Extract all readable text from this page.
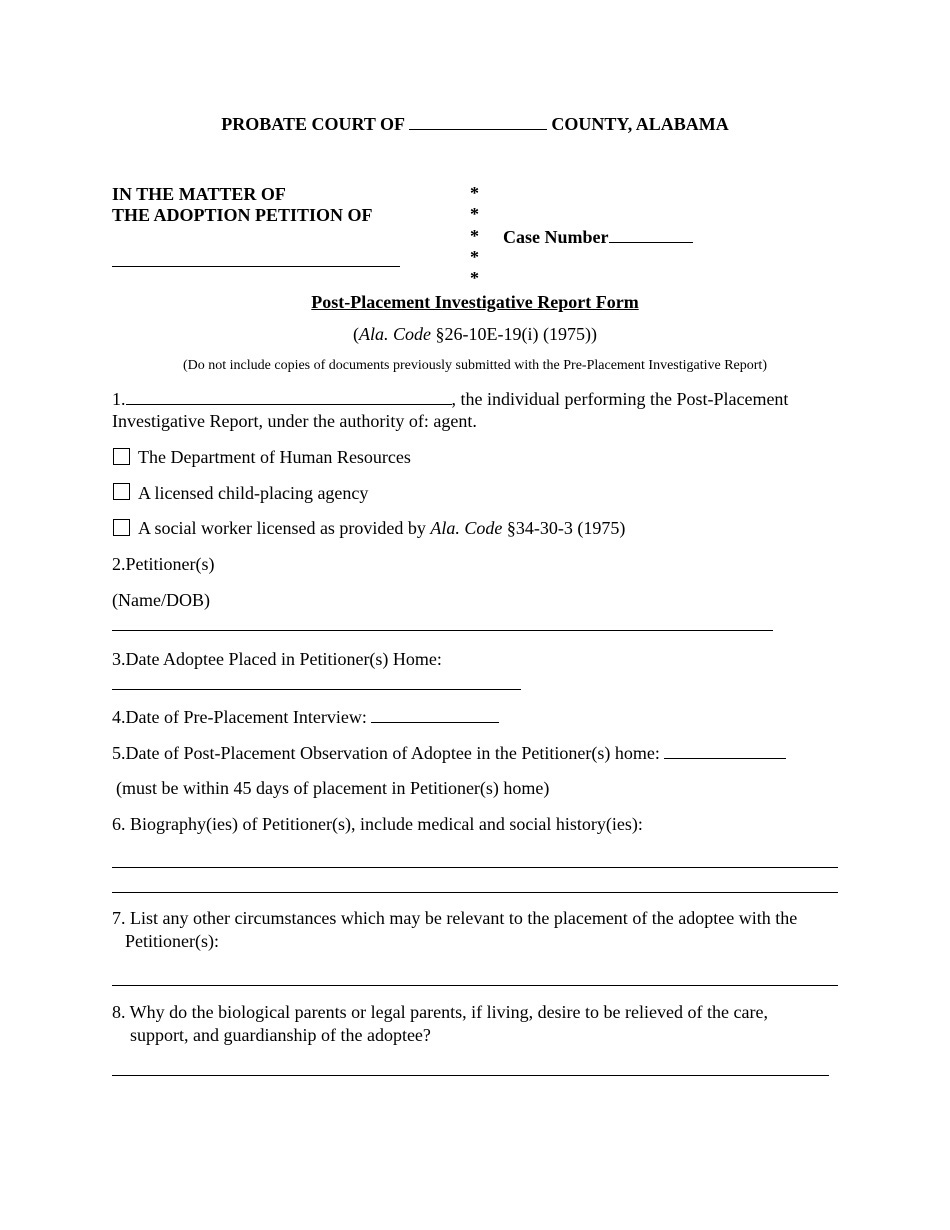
PROBATE COURT OF	COUNTY, ALABAMA
IN THE MATTER OF
THE ADOPTION PETITION OF
*
*
*
*
*
Case Number
Post-Placement Investigative Report Form
(Ala. Code §26-10E-19(i) (1975))
(Do not include copies of documents previously submitted with the Pre-Placement Investigative Report)
1.	, the individual performing the Post-Placement
Investigative Report, under the authority of: agent.
The Department of Human Resources
A licensed child-placing agency
A social worker licensed as provided by Ala. Code §34-30-3 (1975)
2.Petitioner(s)
(Name/DOB)
3.Date Adoptee Placed in Petitioner(s) Home:
4.Date of Pre-Placement Interview:
5.Date of Post-Placement Observation of Adoptee in the Petitioner(s) home:
(must be within 45 days of placement in Petitioner(s) home)
6. Biography(ies) of Petitioner(s), include medical and social history(ies):
7. List any other circumstances which may be relevant to the placement of the adoptee with the
Petitioner(s):
8. Why do the biological parents or legal parents, if living, desire to be relieved of the care,
support, and guardianship of the adoptee?
